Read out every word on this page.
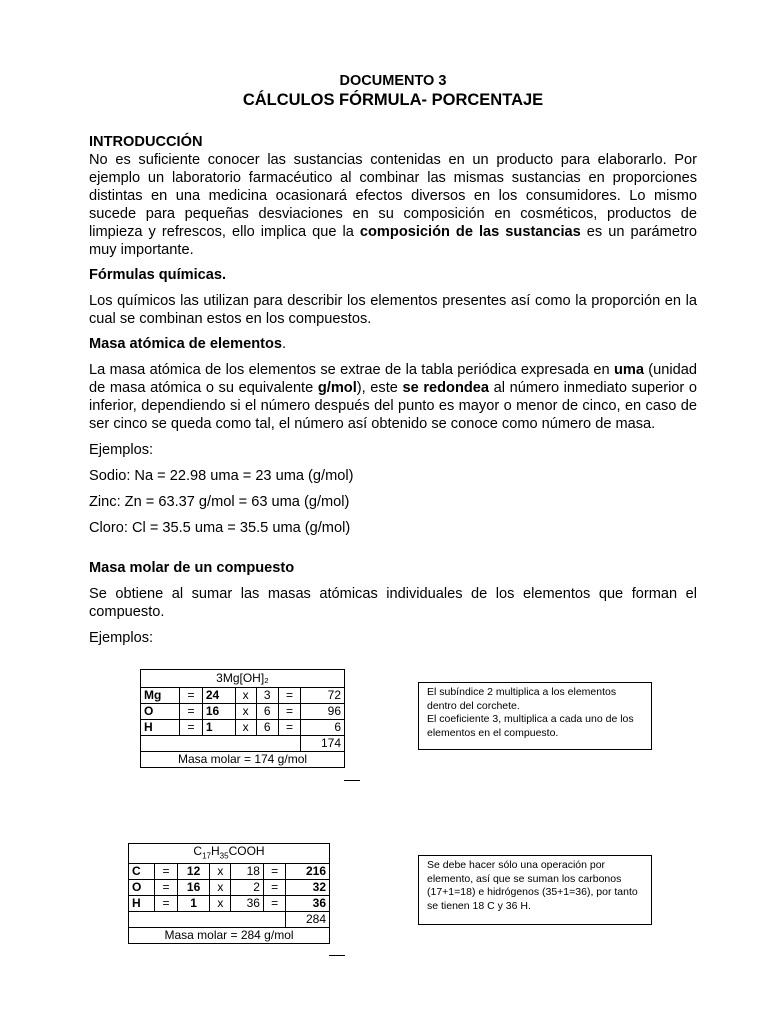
DOCUMENTO 3
CÁLCULOS FÓRMULA- PORCENTAJE

INTRODUCCIÓN

No es suficiente conocer las sustancias contenidas en un producto para elaborarlo. Por ejemplo un laboratorio farmacéutico al combinar las mismas sustancias en proporciones distintas en una medicina ocasionará efectos diversos en los consumidores. Lo mismo sucede para pequeñas desviaciones en su composición en cosméticos, productos de limpieza y refrescos, ello implica que la composición de las sustancias es un parámetro muy importante.

Fórmulas químicas.

Los químicos las utilizan para describir los elementos presentes así como la proporción en la cual se combinan estos en los compuestos.

Masa atómica de elementos.

La masa atómica de los elementos se extrae de la tabla periódica expresada en uma (unidad de masa atómica o su equivalente g/mol), este se redondea al número inmediato superior o inferior, dependiendo si el número después del punto es mayor o menor de cinco, en caso de ser cinco se queda como tal, el número así obtenido se conoce como número de masa.

Ejemplos:

Sodio: Na = 22.98 uma = 23 uma (g/mol)

Zinc: Zn = 63.37 g/mol = 63 uma (g/mol)

Cloro: Cl = 35.5 uma = 35.5 uma (g/mol)

Masa molar de un compuesto

Se obtiene al sumar las masas atómicas individuales de los elementos que forman el compuesto.

Ejemplos:

3Mg[OH]₂						
Mg	=	24	x	3	=	72
O	=	16	x	6	=	96
H	=	1	x	6	=	6
						174
Masa molar = 174 g/mol						
El subíndice 2 multiplica a los elementos dentro del corchete.
El coeficiente 3, multiplica a cada uno de los elementos en el compuesto.
$C_{17}H_{35}COOH$						
C	=	12	x	18	=	216
O	=	16	x	2	=	32
H	=	1	x	36	=	36
						284
Masa molar = 284 g/mol						
Se debe hacer sólo una operación por elemento, así que se suman los carbonos (17+1=18) e hidrógenos (35+1=36), por tanto se tienen 18 C y 36 H.
